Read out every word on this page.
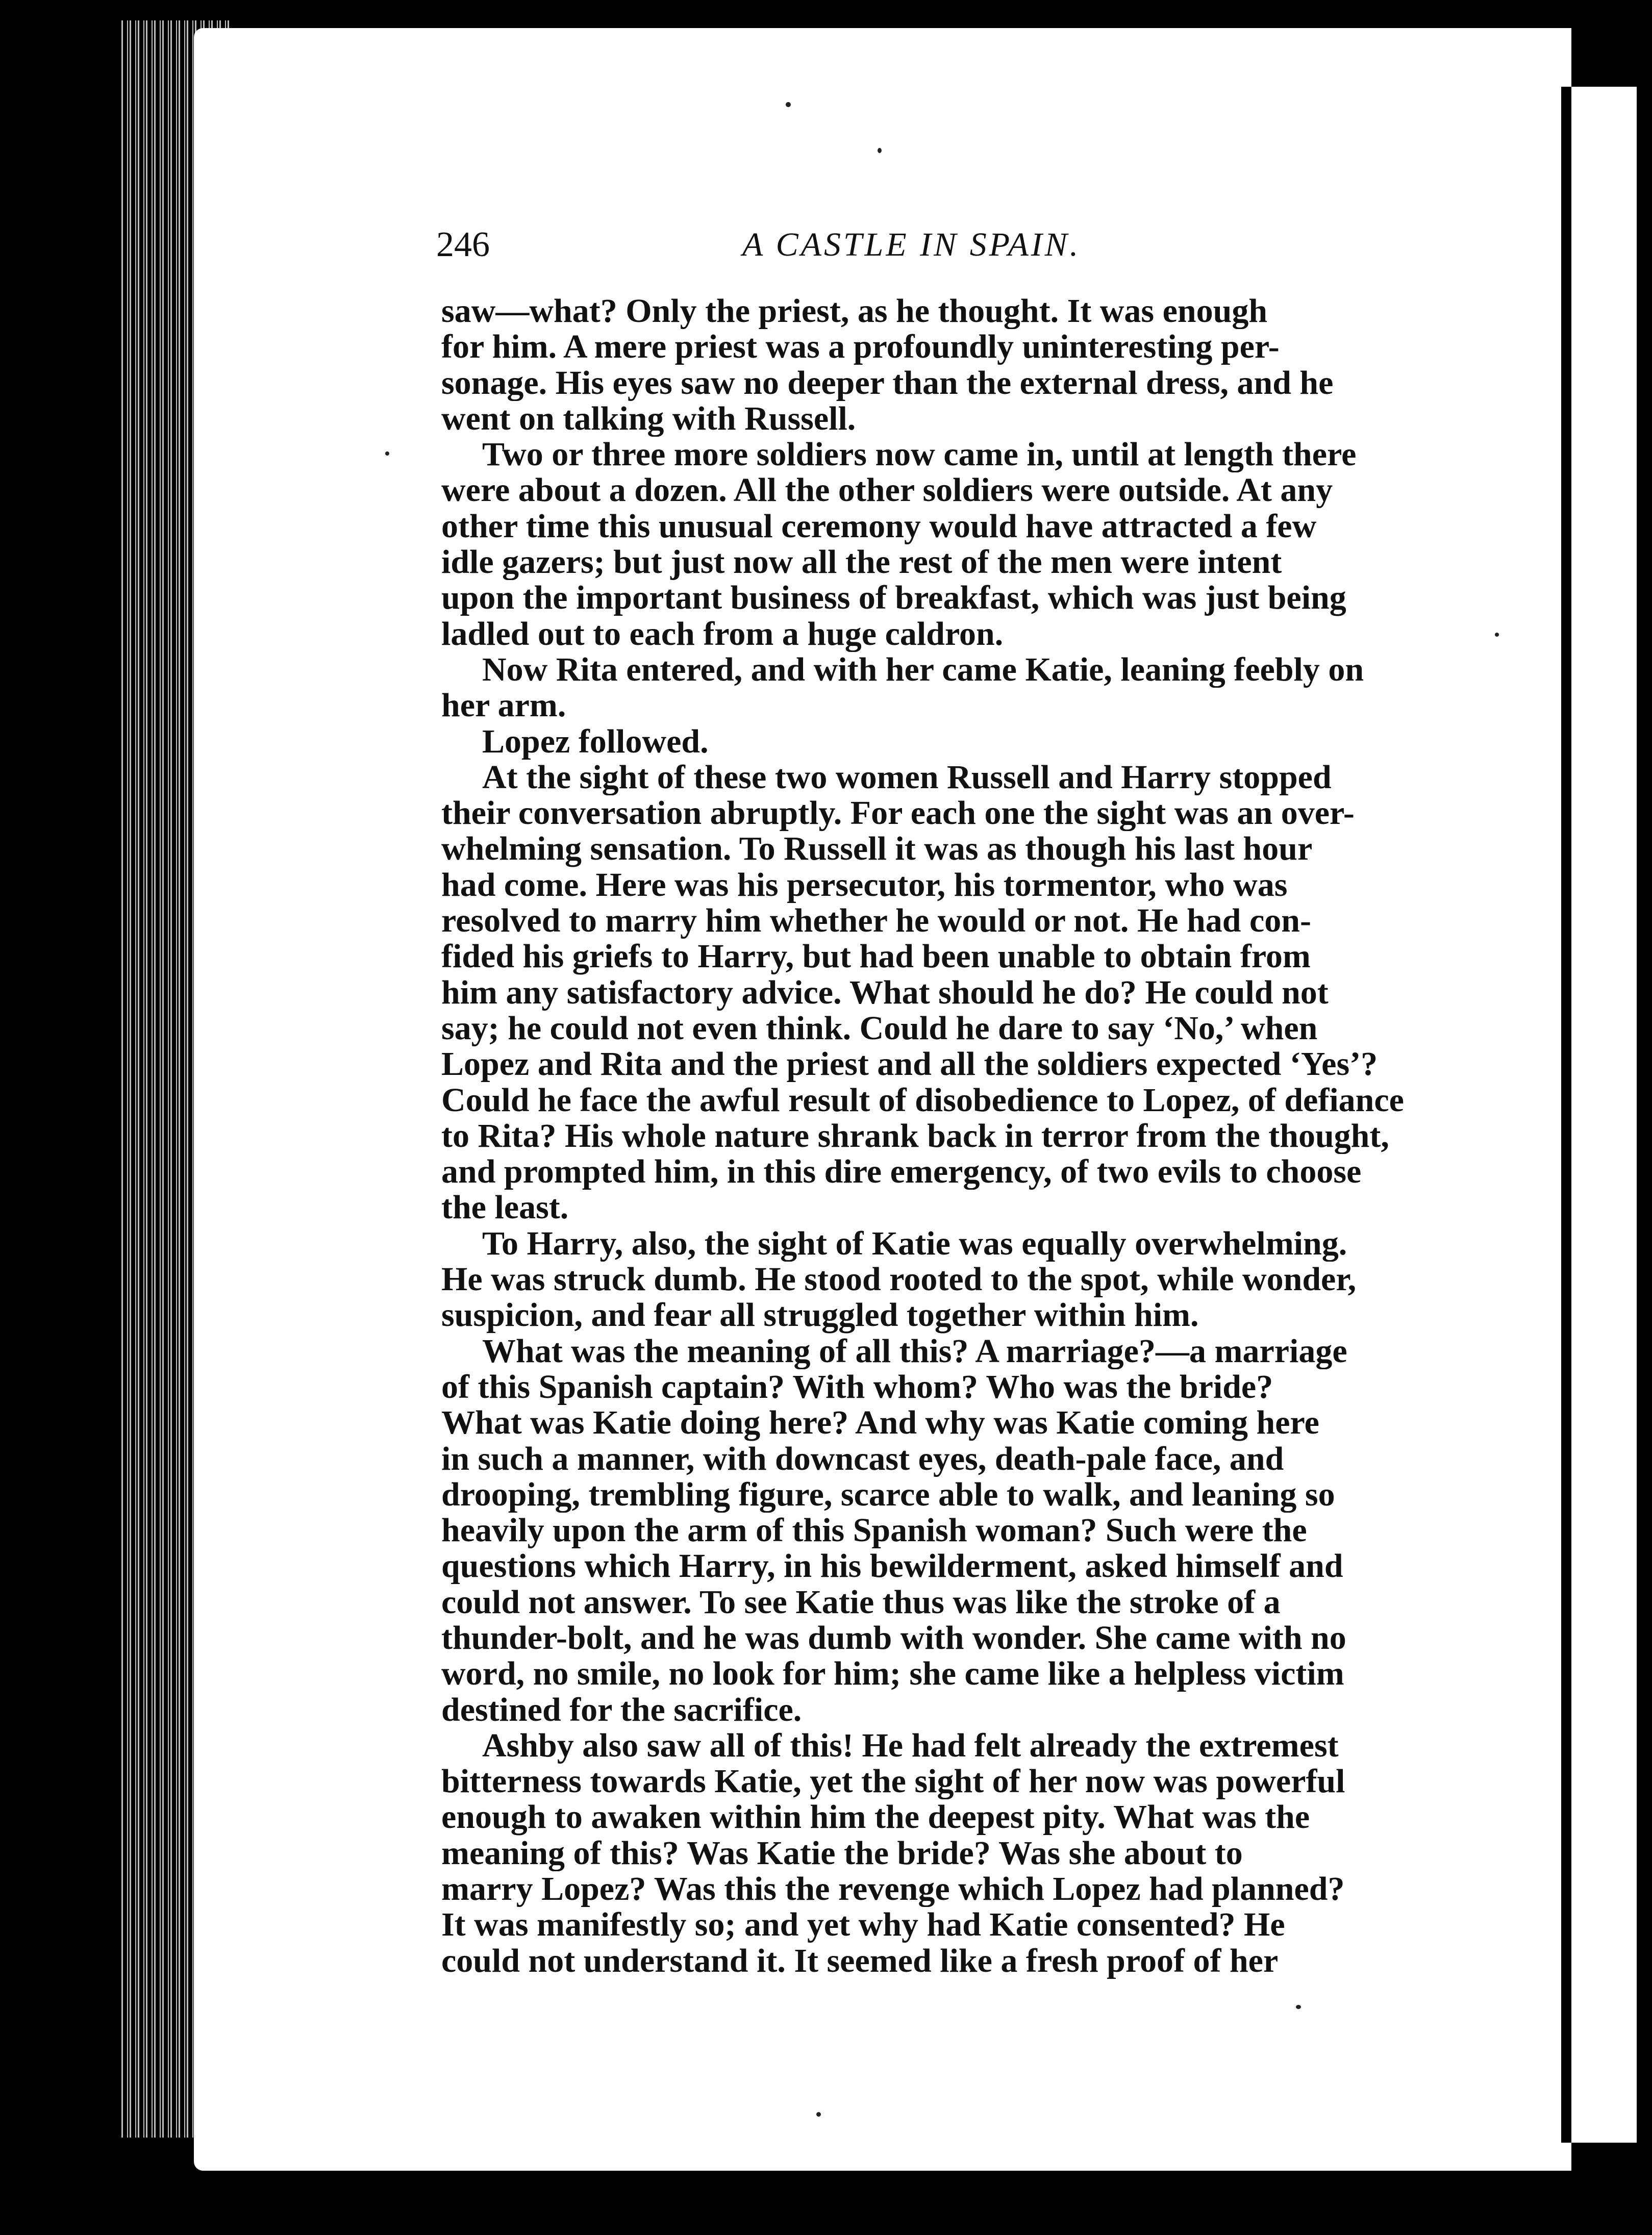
246	A CASTLE IN SPAIN.
saw—what? Only the priest, as he thought. It was enough
for him. A mere priest was a profoundly uninteresting per-
sonage. His eyes saw no deeper than the external dress, and he
went on talking with Russell.
Two or three more soldiers now came in, until at length there
were about a dozen. All the other soldiers were outside. At any
other time this unusual ceremony would have attracted a few
idle gazers; but just now all the rest of the men were intent
upon the important business of breakfast, which was just being
ladled out to each from a huge caldron.
Now Rita entered, and with her came Katie, leaning feebly on
her arm.
Lopez followed.
At the sight of these two women Russell and Harry stopped
their conversation abruptly. For each one the sight was an over-
whelming sensation. To Russell it was as though his last hour
had come. Here was his persecutor, his tormentor, who was
resolved to marry him whether he would or not. He had con-
fided his griefs to Harry, but had been unable to obtain from
him any satisfactory advice. What should he do? He could not
say; he could not even think. Could he dare to say ‘No,’ when
Lopez and Rita and the priest and all the soldiers expected ‘Yes’?
Could he face the awful result of disobedience to Lopez, of defiance
to Rita? His whole nature shrank back in terror from the thought,
and prompted him, in this dire emergency, of two evils to choose
the least.
To Harry, also, the sight of Katie was equally overwhelming.
He was struck dumb. He stood rooted to the spot, while wonder,
suspicion, and fear all struggled together within him.
What was the meaning of all this? A marriage?—a marriage
of this Spanish captain? With whom? Who was the bride?
What was Katie doing here? And why was Katie coming here
in such a manner, with downcast eyes, death-pale face, and
drooping, trembling figure, scarce able to walk, and leaning so
heavily upon the arm of this Spanish woman? Such were the
questions which Harry, in his bewilderment, asked himself and
could not answer. To see Katie thus was like the stroke of a
thunder-bolt, and he was dumb with wonder. She came with no
word, no smile, no look for him; she came like a helpless victim
destined for the sacrifice.
Ashby also saw all of this! He had felt already the extremest
bitterness towards Katie, yet the sight of her now was powerful
enough to awaken within him the deepest pity. What was the
meaning of this? Was Katie the bride? Was she about to
marry Lopez? Was this the revenge which Lopez had planned?
It was manifestly so; and yet why had Katie consented? He
could not understand it. It seemed like a fresh proof of her
